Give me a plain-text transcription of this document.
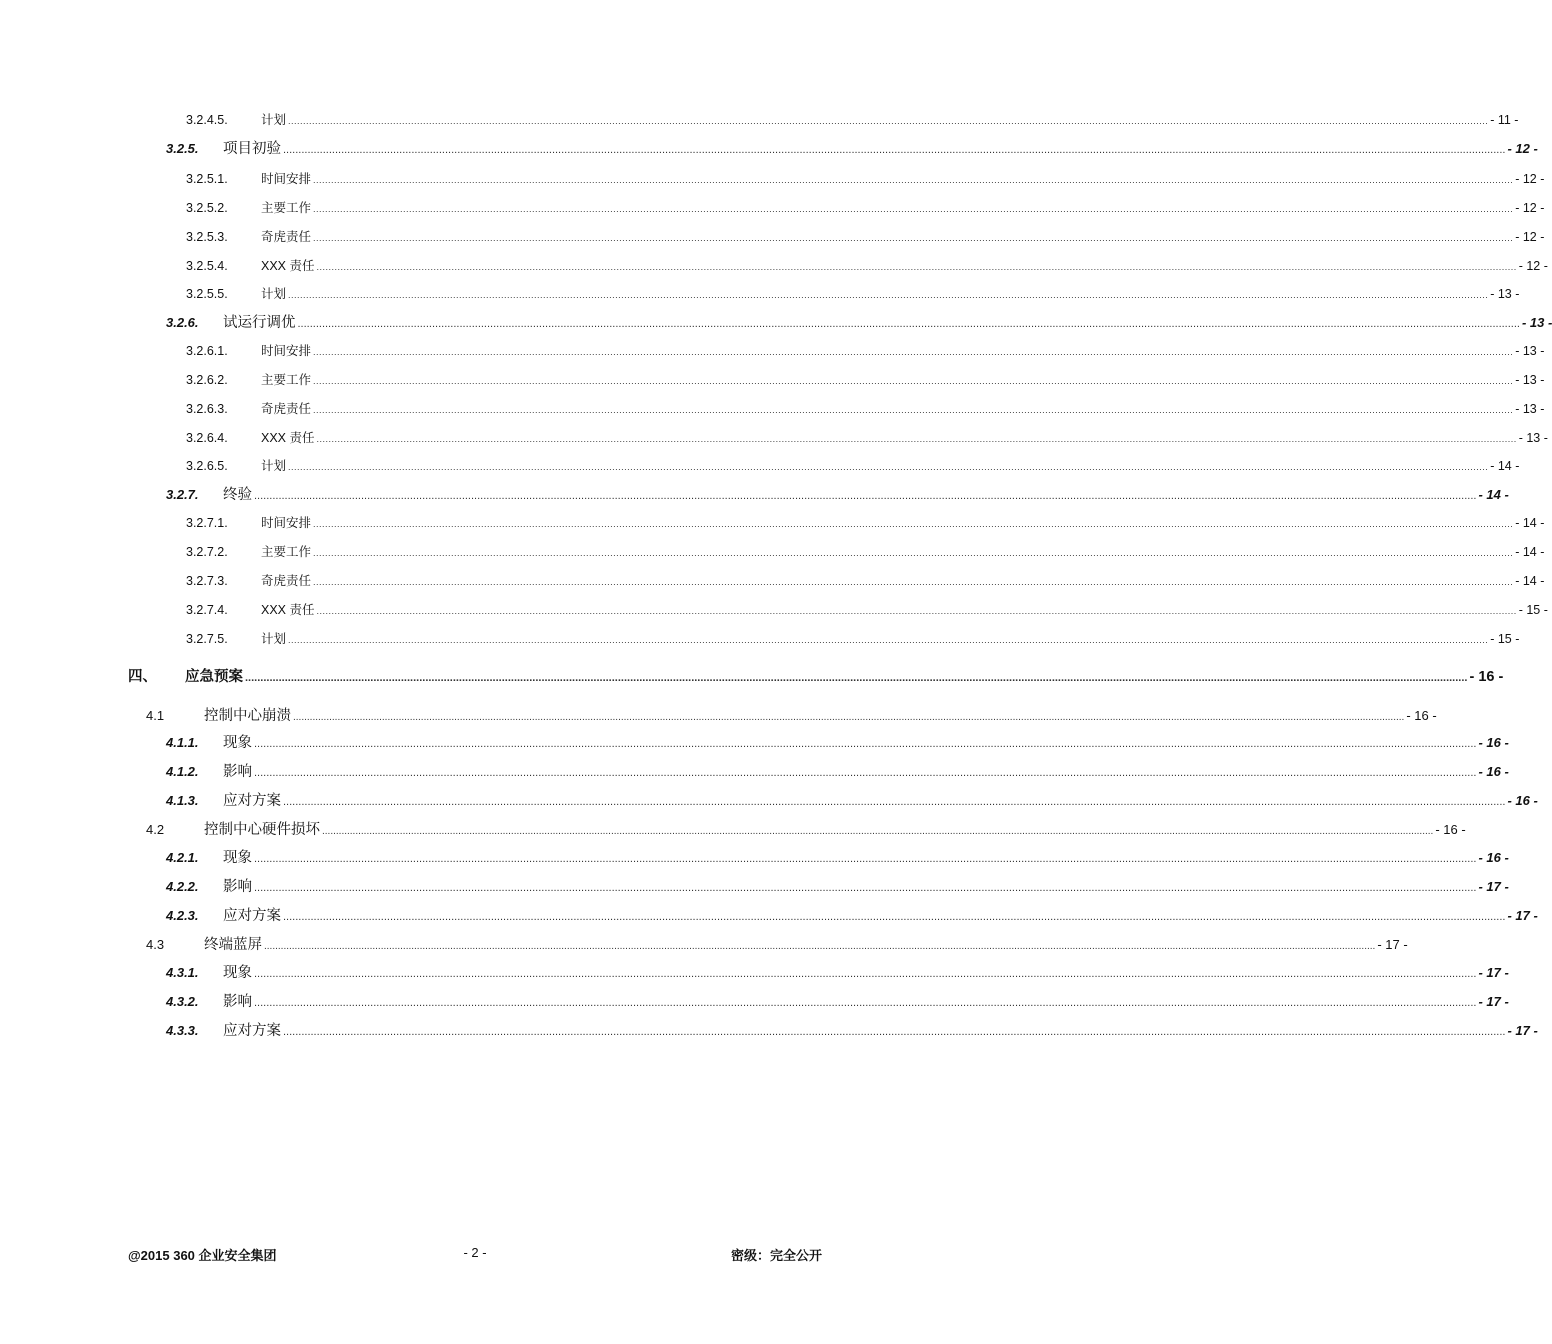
3.2.4.5.	计划 ................................................................................................................................................................................................................................................................................................................................................................................................................ - 11 -
3.2.5.	项目初验 ................................................................................................................................................................................................................................................................................................................................................................................................................ - 12 -
3.2.5.1.	时间安排 ................................................................................................................................................................................................................................................................................................................................................................................................................ - 12 -
3.2.5.2.	主要工作 ................................................................................................................................................................................................................................................................................................................................................................................................................ - 12 -
3.2.5.3.	奇虎责任 ................................................................................................................................................................................................................................................................................................................................................................................................................ - 12 -
3.2.5.4.	XXX 责任 ................................................................................................................................................................................................................................................................................................................................................................................................................ - 12 -
3.2.5.5.	计划 ................................................................................................................................................................................................................................................................................................................................................................................................................ - 13 -
3.2.6.	试运行调优 ................................................................................................................................................................................................................................................................................................................................................................................................................ - 13 -
3.2.6.1.	时间安排 ................................................................................................................................................................................................................................................................................................................................................................................................................ - 13 -
3.2.6.2.	主要工作 ................................................................................................................................................................................................................................................................................................................................................................................................................ - 13 -
3.2.6.3.	奇虎责任 ................................................................................................................................................................................................................................................................................................................................................................................................................ - 13 -
3.2.6.4.	XXX 责任 ................................................................................................................................................................................................................................................................................................................................................................................................................ - 13 -
3.2.6.5.	计划 ................................................................................................................................................................................................................................................................................................................................................................................................................ - 14 -
3.2.7.	终验 ................................................................................................................................................................................................................................................................................................................................................................................................................ - 14 -
3.2.7.1.	时间安排 ................................................................................................................................................................................................................................................................................................................................................................................................................ - 14 -
3.2.7.2.	主要工作 ................................................................................................................................................................................................................................................................................................................................................................................................................ - 14 -
3.2.7.3.	奇虎责任 ................................................................................................................................................................................................................................................................................................................................................................................................................ - 14 -
3.2.7.4.	XXX 责任 ................................................................................................................................................................................................................................................................................................................................................................................................................ - 15 -
3.2.7.5.	计划 ................................................................................................................................................................................................................................................................................................................................................................................................................ - 15 -
四、	应急预案 ................................................................................................................................................................................................................................................................................................................................................................................................................ - 16 -
4.1	控制中心崩溃 ................................................................................................................................................................................................................................................................................................................................................................................................................ - 16 -
4.1.1.	现象 ................................................................................................................................................................................................................................................................................................................................................................................................................ - 16 -
4.1.2.	影响 ................................................................................................................................................................................................................................................................................................................................................................................................................ - 16 -
4.1.3.	应对方案 ................................................................................................................................................................................................................................................................................................................................................................................................................ - 16 -
4.2	控制中心硬件损坏 ................................................................................................................................................................................................................................................................................................................................................................................................................ - 16 -
4.2.1.	现象 ................................................................................................................................................................................................................................................................................................................................................................................................................ - 16 -
4.2.2.	影响 ................................................................................................................................................................................................................................................................................................................................................................................................................ - 17 -
4.2.3.	应对方案 ................................................................................................................................................................................................................................................................................................................................................................................................................ - 17 -
4.3	终端蓝屏 ................................................................................................................................................................................................................................................................................................................................................................................................................ - 17 -
4.3.1.	现象 ................................................................................................................................................................................................................................................................................................................................................................................................................ - 17 -
4.3.2.	影响 ................................................................................................................................................................................................................................................................................................................................................................................................................ - 17 -
4.3.3.	应对方案 ................................................................................................................................................................................................................................................................................................................................................................................................................ - 17 -
@2015 360 企业安全集团	- 2 -	密级：完全公开
